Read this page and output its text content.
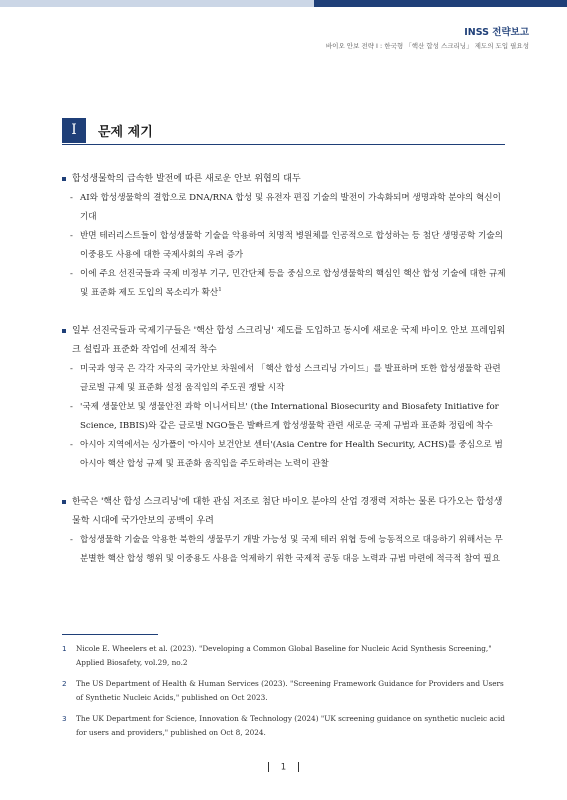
INSS 전략보고
바이오 안보 전략 I : 한국형 「핵산 합성 스크리닝」 제도의 도입 필요성
I	문제 제기
합성생물학의 급속한 발전에 따른 새로운 안보 위협의 대두
- AI와 합성생물학의 결합으로 DNA/RNA 합성 및 유전자 편집 기술의 발전이 가속화되며 생명과학 분야의 혁신이 기대
- 반면 테러리스트들이 합성생물학 기술을 악용하여 치명적 병원체를 인공적으로 합성하는 등 첨단 생명공학 기술의 이중용도 사용에 대한 국제사회의 우려 증가
- 이에 주요 선진국들과 국제 비정부 기구, 민간단체 등을 중심으로 합성생물학의 핵심인 핵산 합성 기술에 대한 규제 및 표준화 제도 도입의 목소리가 확산$^1$
일부 선진국들과 국제기구들은 '핵산 합성 스크리닝' 제도를 도입하고 동시에 새로운 국제 바이오 안보 프레임워크 설립과 표준화 작업에 선제적 착수
- 미국과 영국 은 각각 자국의 국가안보 차원에서 「핵산 합성 스크리닝 가이드」를 발표하며 또한 합성생물학 관련 글로벌 규제 및 표준화 설정 움직임의 주도권 쟁탈 시작
- '국제 생물안보 및 생물안전 과학 이니셔티브' (the International Biosecurity and Biosafety Initiative for Science, IBBIS)와 같은 글로벌 NGO들은 발빠르게 합성생물학 관련 새로운 국제 규범과 표준화 정립에 착수
- 아시아 지역에서는 싱가폴이 '아시아 보건안보 센터'(Asia Centre for Health Security, ACHS)를 중심으로 범아시아 핵산 합성 규제 및 표준화 움직임을 주도하려는 노력이 관찰
한국은 '핵산 합성 스크리닝'에 대한 관심 저조로 첨단 바이오 분야의 산업 경쟁력 저하는 물론 다가오는 합성생물학 시대에 국가안보의 공백이 우려
- 합성생물학 기술을 악용한 북한의 생물무기 개발 가능성 및 국제 테러 위협 등에 능동적으로 대응하기 위해서는 무분별한 핵산 합성 행위 및 이중용도 사용을 억제하기 위한 국제적 공동 대응 노력과 규범 마련에 적극적 참여 필요
1 Nicole E. Wheelers et al. (2023). "Developing a Common Global Baseline for Nucleic Acid Synthesis Screening," Applied Biosafety, vol.29, no.2
2 The US Department of Health & Human Services (2023). "Screening Framework Guidance for Providers and Users of Synthetic Nucleic Acids," published on Oct 2023.
3 The UK Department for Science, Innovation & Technology (2024) "UK screening guidance on synthetic nucleic acid for users and providers," published on Oct 8, 2024.
1
